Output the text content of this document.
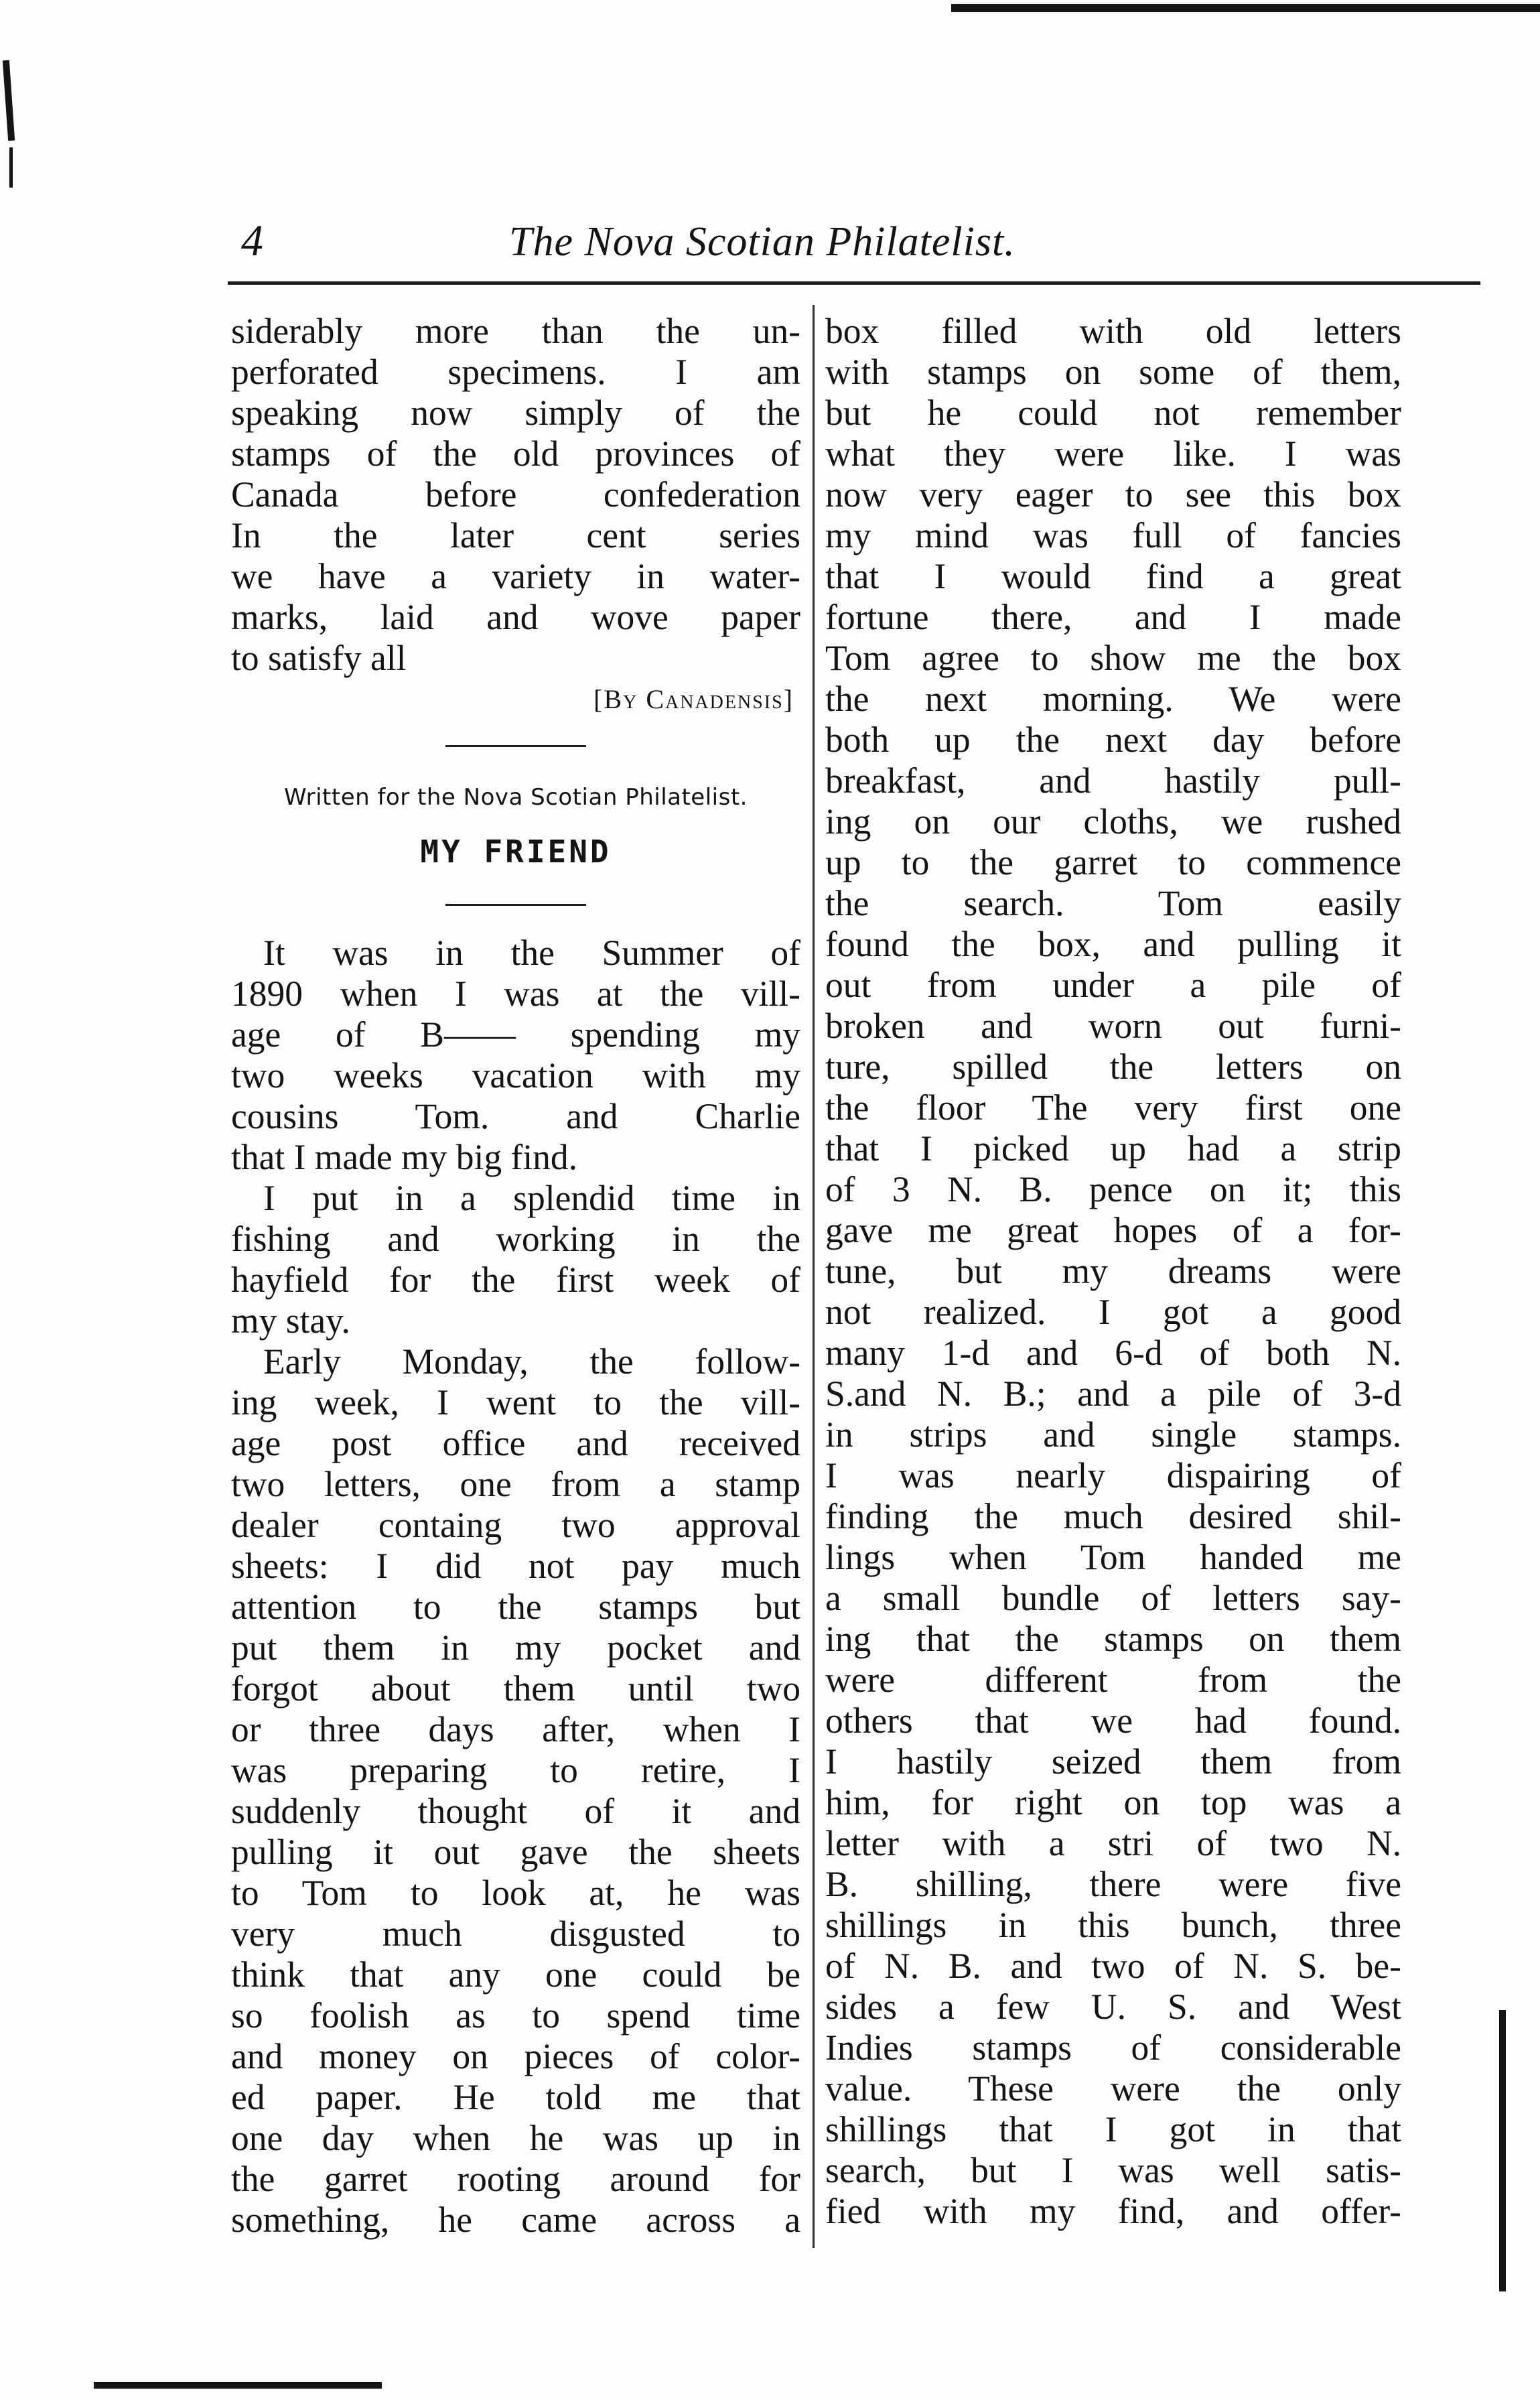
4	The Nova Scotian Philatelist.
siderably more than the un-
perforated specimens. I am
speaking now simply of the
stamps of the old provinces of
Canada before confederation
In the later cent series
we have a variety in water-
marks, laid and wove paper
to satisfy all
[By Canadensis]
Written for the Nova Scotian Philatelist.
MY FRIEND
It was in the Summer of
1890 when I was at the vill-
age of B—— spending my
two weeks vacation with my
cousins Tom. and Charlie
that I made my big find.
I put in a splendid time in
fishing and working in the
hayfield for the first week of
my stay.
Early Monday, the follow-
ing week, I went to the vill-
age post office and received
two letters, one from a stamp
dealer containg two approval
sheets: I did not pay much
attention to the stamps but
put them in my pocket and
forgot about them until two
or three days after, when I
was preparing to retire, I
suddenly thought of it and
pulling it out gave the sheets
to Tom to look at, he was
very much disgusted to
think that any one could be
so foolish as to spend time
and money on pieces of color-
ed paper. He told me that
one day when he was up in
the garret rooting around for
something, he came across a
box filled with old letters
with stamps on some of them,
but he could not remember
what they were like. I was
now very eager to see this box
my mind was full of fancies
that I would find a great
fortune there, and I made
Tom agree to show me the box
the next morning. We were
both up the next day before
breakfast, and hastily pull-
ing on our cloths, we rushed
up to the garret to commence
the search. Tom easily
found the box, and pulling it
out from under a pile of
broken and worn out furni-
ture, spilled the letters on
the floor The very first one
that I picked up had a strip
of 3 N. B. pence on it; this
gave me great hopes of a for-
tune, but my dreams were
not realized. I got a good
many 1-d and 6-d of both N.
S.and N. B.; and a pile of 3-d
in strips and single stamps.
I was nearly dispairing of
finding the much desired shil-
lings when Tom handed me
a small bundle of letters say-
ing that the stamps on them
were different from the
others that we had found.
I hastily seized them from
him, for right on top was a
letter with a stri of two N.
B. shilling, there were five
shillings in this bunch, three
of N. B. and two of N. S. be-
sides a few U. S. and West
Indies stamps of considerable
value. These were the only
shillings that I got in that
search, but I was well satis-
fied with my find, and offer-
